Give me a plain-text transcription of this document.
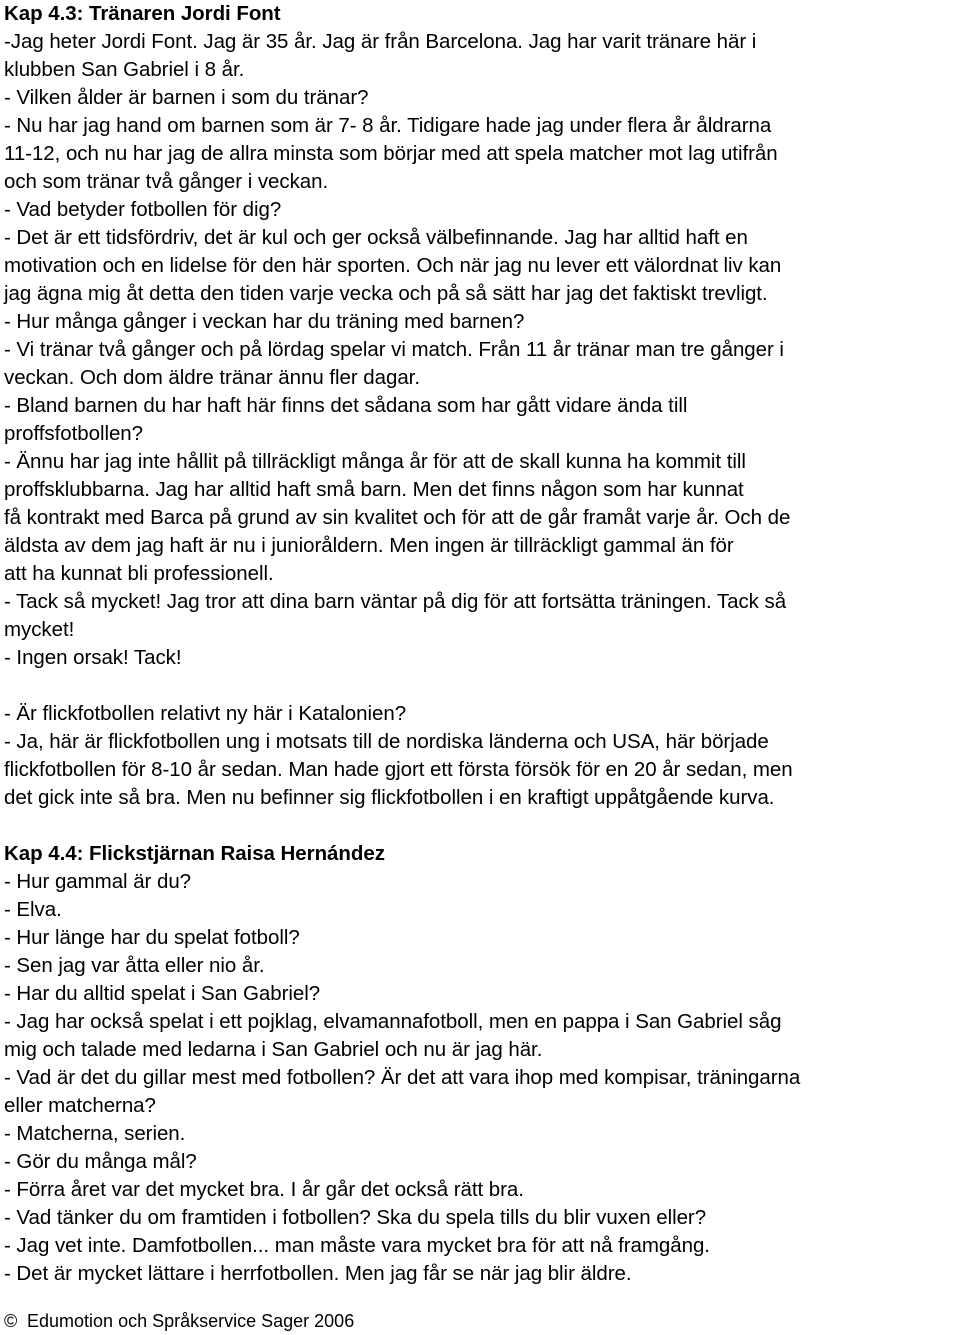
Kap 4.3: Tränaren Jordi Font
-Jag heter Jordi Font. Jag är 35 år. Jag är från Barcelona. Jag har varit tränare här i
klubben San Gabriel i 8 år.
- Vilken ålder är barnen i som du tränar?
- Nu har jag hand om barnen som är 7- 8 år. Tidigare hade jag under flera år åldrarna
11-12, och nu har jag de allra minsta som börjar med att spela matcher mot lag utifrån
och som tränar två gånger i veckan.
- Vad betyder fotbollen för dig?
- Det är ett tidsfördriv, det är kul och ger också välbefinnande. Jag har alltid haft en
motivation och en lidelse för den här sporten. Och när jag nu lever ett välordnat liv kan
jag ägna mig åt detta den tiden varje vecka och på så sätt har jag det faktiskt trevligt.
- Hur många gånger i veckan har du träning med barnen?
- Vi tränar två gånger och på lördag spelar vi match. Från 11 år tränar man tre gånger i
veckan. Och dom äldre tränar ännu fler dagar.
- Bland barnen du har haft här finns det sådana som har gått vidare ända till
proffsfotbollen?
- Ännu har jag inte hållit på tillräckligt många år för att de skall kunna ha kommit till
proffsklubbarna. Jag har alltid haft små barn. Men det finns någon som har kunnat
få kontrakt med Barca på grund av sin kvalitet och för att de går framåt varje år. Och de
äldsta av dem jag haft är nu i junioråldern. Men ingen är tillräckligt gammal än för
att ha kunnat bli professionell.
- Tack så mycket! Jag tror att dina barn väntar på dig för att fortsätta träningen. Tack så
mycket!
- Ingen orsak! Tack!
- Är flickfotbollen relativt ny här i Katalonien?
- Ja, här är flickfotbollen ung i motsats till de nordiska länderna och USA, här började
flickfotbollen för 8-10 år sedan. Man hade gjort ett första försök för en 20 år sedan, men
det gick inte så bra. Men nu befinner sig flickfotbollen i en kraftigt uppåtgående kurva.
Kap 4.4: Flickstjärnan Raisa Hernández
- Hur gammal är du?
- Elva.
- Hur länge har du spelat fotboll?
- Sen jag var åtta eller nio år.
- Har du alltid spelat i San Gabriel?
- Jag har också spelat i ett pojklag, elvamannafotboll, men en pappa i San Gabriel såg
mig och talade med ledarna i San Gabriel och nu är jag här.
- Vad är det du gillar mest med fotbollen? Är det att vara ihop med kompisar, träningarna
eller matcherna?
- Matcherna, serien.
- Gör du många mål?
- Förra året var det mycket bra. I år går det också rätt bra.
- Vad tänker du om framtiden i fotbollen? Ska du spela tills du blir vuxen eller?
- Jag vet inte. Damfotbollen... man måste vara mycket bra för att nå framgång.
- Det är mycket lättare i herrfotbollen. Men jag får se när jag blir äldre.
© Edumotion och Språkservice Sager 2006
